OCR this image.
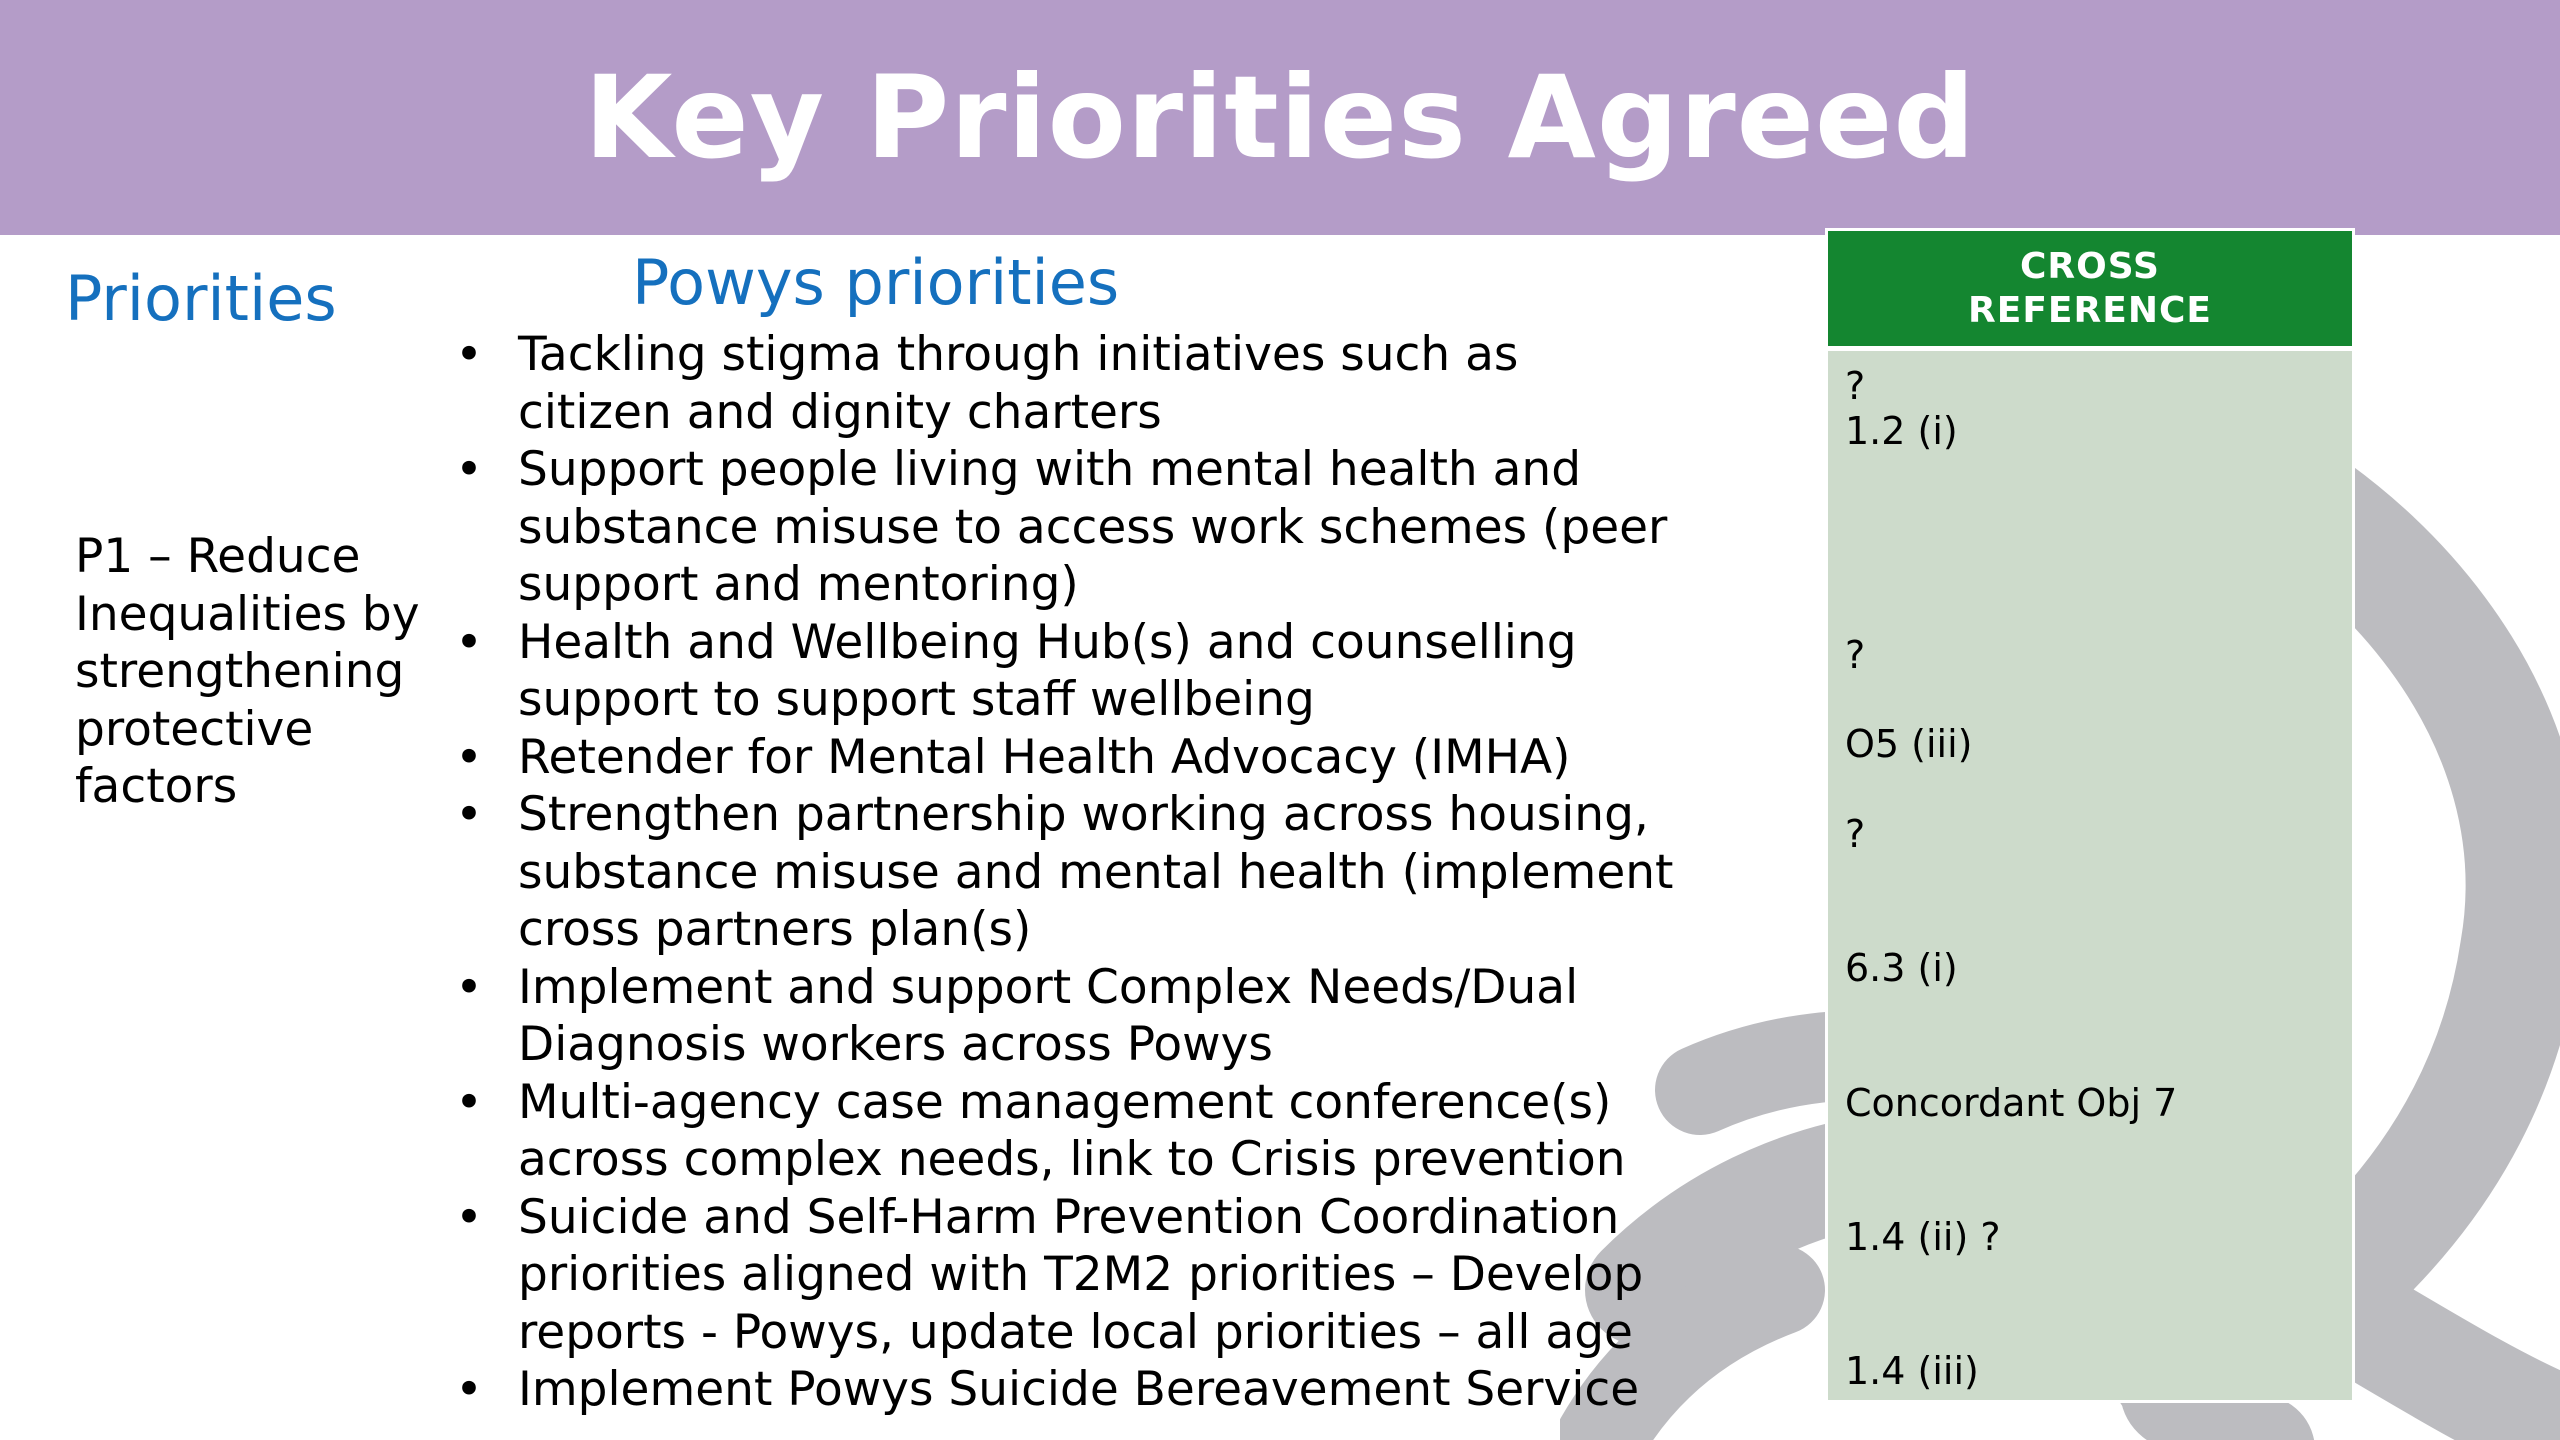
Key Priorities Agreed
Priorities
P1 – Reduce
Inequalities by
strengthening
protective
factors
Powys priorities
• Tackling stigma through initiatives such as
citizen and dignity charters
• Support people living with mental health and
substance misuse to access work schemes (peer
support and mentoring)
• Health and Wellbeing Hub(s) and counselling
support to support staff wellbeing
• Retender for Mental Health Advocacy (IMHA)
• Strengthen partnership working across housing,
substance misuse and mental health (implement
cross partners plan(s)
• Implement and support Complex Needs/Dual
Diagnosis workers across Powys
• Multi-agency case management conference(s)
across complex needs, link to Crisis prevention
• Suicide and Self-Harm Prevention Coordination
priorities aligned with T2M2 priorities – Develop
reports - Powys, update local priorities – all age
• Implement Powys Suicide Bereavement Service
CROSS
REFERENCE
?
1.2 (i)
?
O5 (iii)
?
6.3 (i)
Concordant Obj 7
1.4 (ii) ?
1.4 (iii)
